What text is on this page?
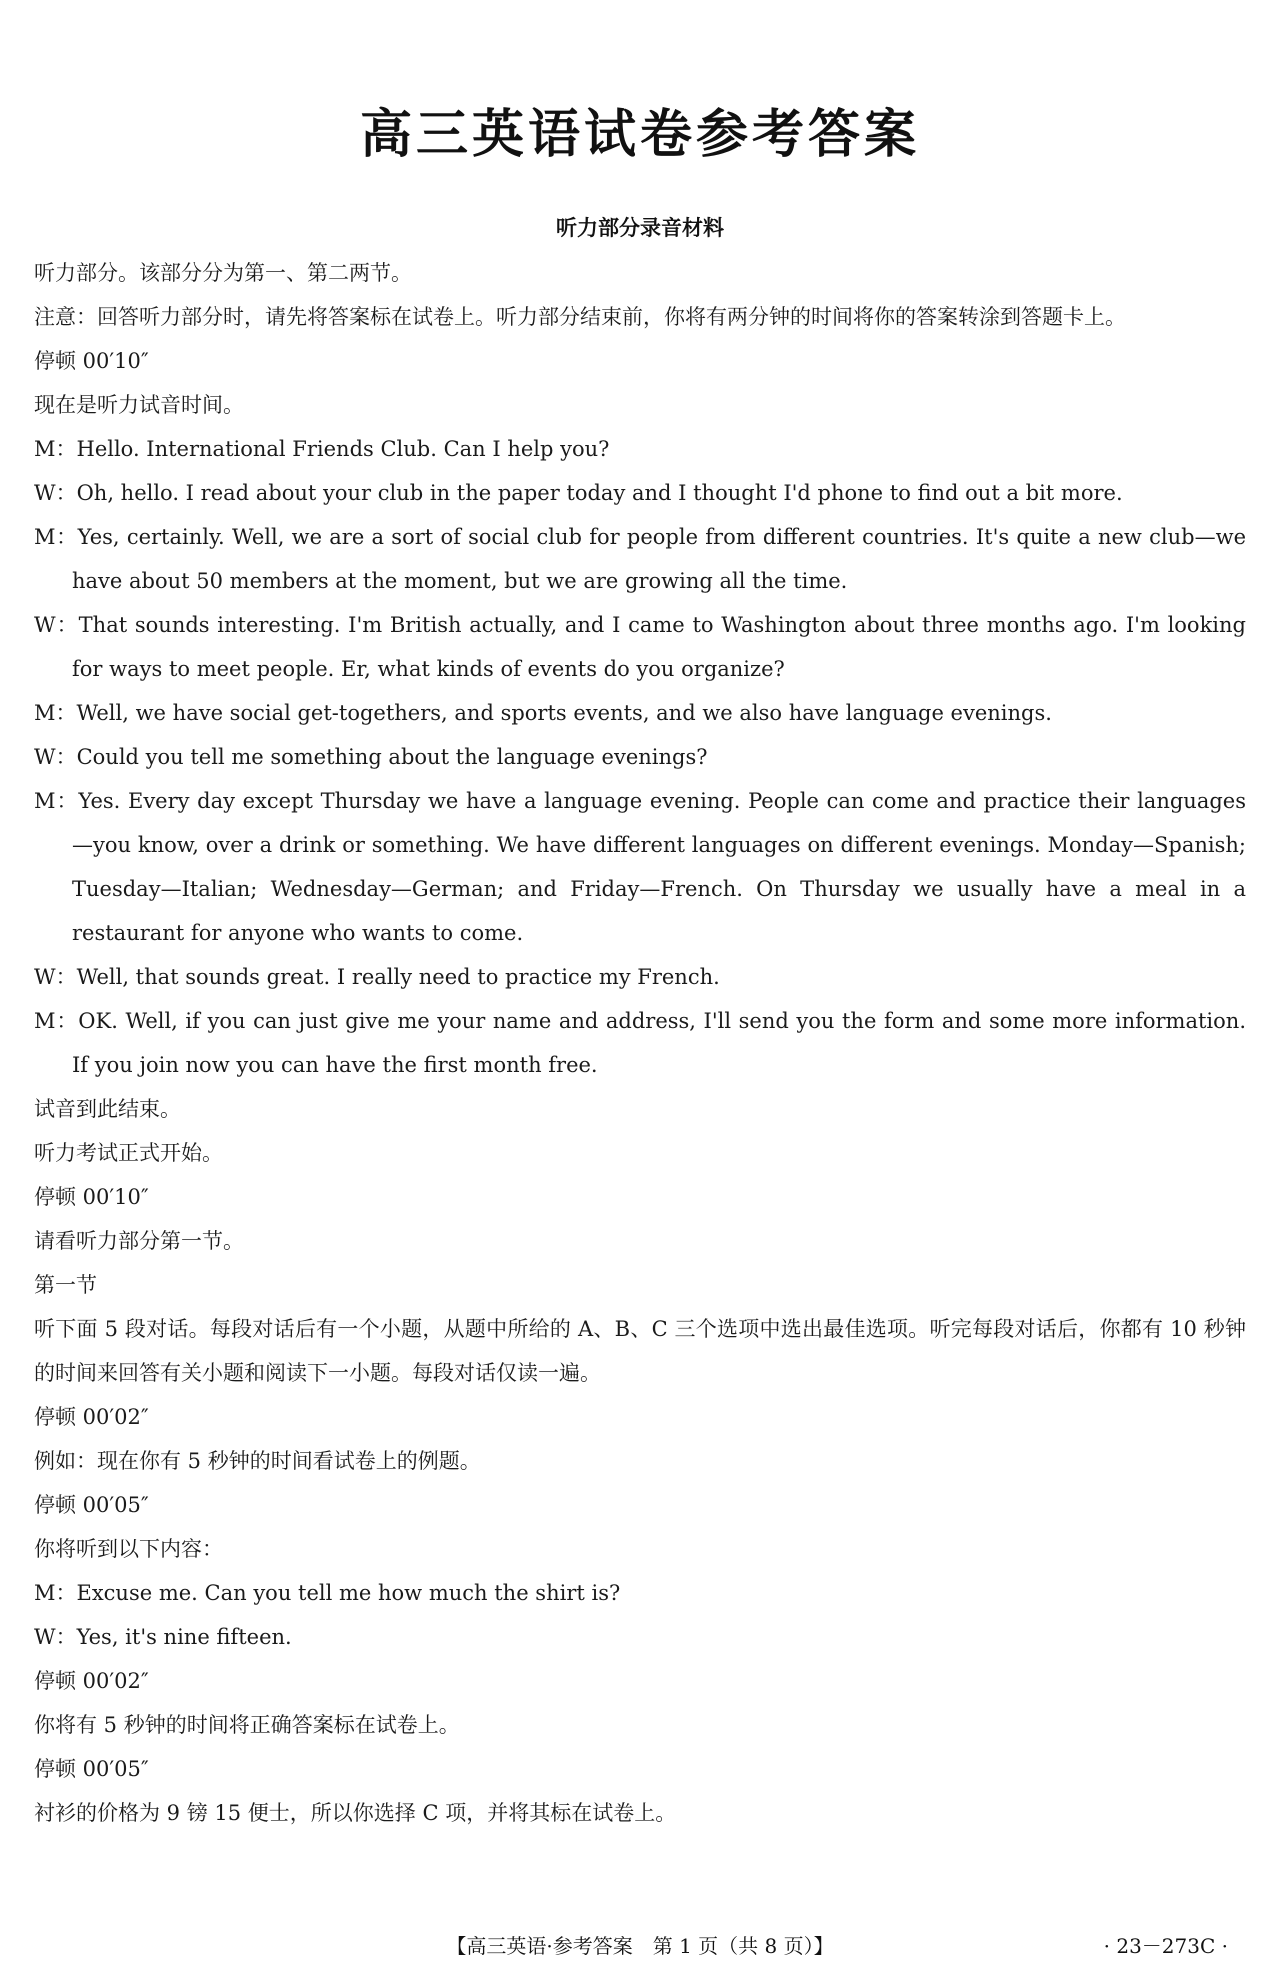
高三英语试卷参考答案
听力部分录音材料

听力部分。该部分分为第一、第二两节。

注意：回答听力部分时，请先将答案标在试卷上。听力部分结束前，你将有两分钟的时间将你的答案转涂到答题卡上。

停顿 00′10″

现在是听力试音时间。

M：Hello. International Friends Club. Can I help you?

W：Oh, hello. I read about your club in the paper today and I thought I'd phone to find out a bit more.

M：Yes, certainly. Well, we are a sort of social club for people from different countries. It's quite a new club—we have about 50 members at the moment, but we are growing all the time.

W：That sounds interesting. I'm British actually, and I came to Washington about three months ago. I'm looking for ways to meet people. Er, what kinds of events do you organize?

M：Well, we have social get-togethers, and sports events, and we also have language evenings.

W：Could you tell me something about the language evenings?

M：Yes. Every day except Thursday we have a language evening. People can come and practice their languages—you know, over a drink or something. We have different languages on different evenings. Monday—Spanish; Tuesday—Italian; Wednesday—German; and Friday—French. On Thursday we usually have a meal in a restaurant for anyone who wants to come.

W：Well, that sounds great. I really need to practice my French.

M：OK. Well, if you can just give me your name and address, I'll send you the form and some more information. If you join now you can have the first month free.

试音到此结束。

听力考试正式开始。

停顿 00′10″

请看听力部分第一节。

第一节

听下面 5 段对话。每段对话后有一个小题，从题中所给的 A、B、C 三个选项中选出最佳选项。听完每段对话后，你都有 10 秒钟的时间来回答有关小题和阅读下一小题。每段对话仅读一遍。

停顿 00′02″

例如：现在你有 5 秒钟的时间看试卷上的例题。

停顿 00′05″

你将听到以下内容：

M：Excuse me. Can you tell me how much the shirt is?

W：Yes, it's nine fifteen.

停顿 00′02″

你将有 5 秒钟的时间将正确答案标在试卷上。

停顿 00′05″

衬衫的价格为 9 镑 15 便士，所以你选择 C 项，并将其标在试卷上。

【高三英语·参考答案　第 1 页（共 8 页）】	· 23－273C ·
